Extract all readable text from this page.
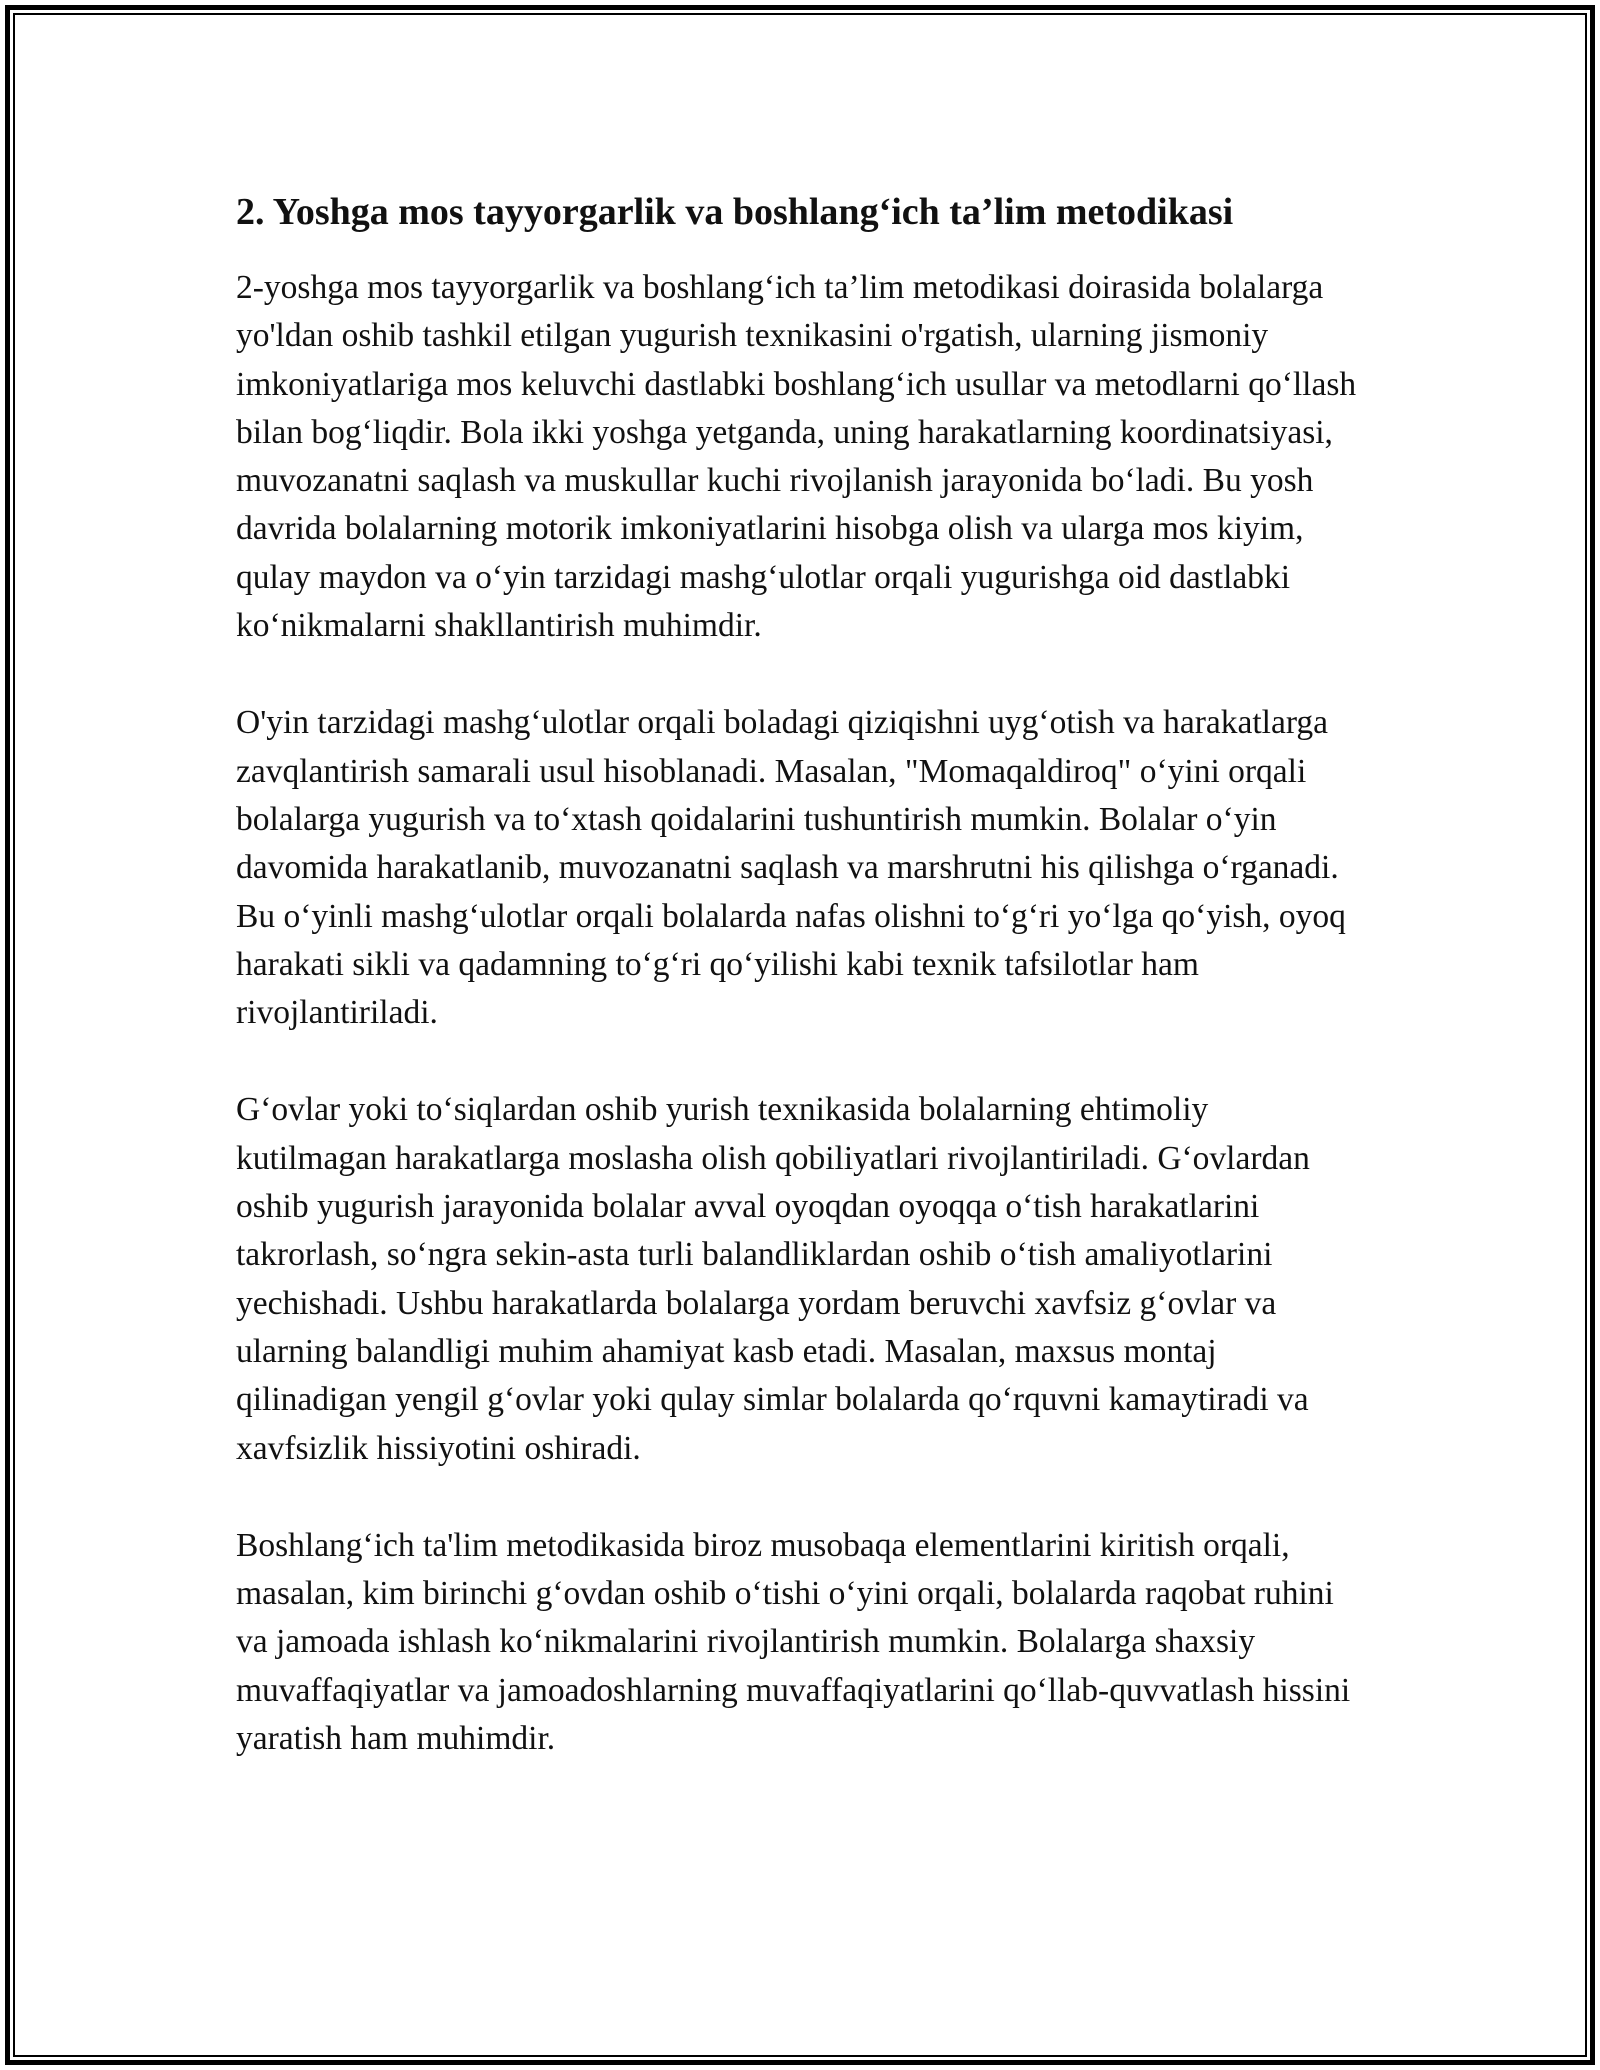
2. Yoshga mos tayyorgarlik va boshlang‘ich ta’lim metodikasi

2-yoshga mos tayyorgarlik va boshlang‘ich ta’lim metodikasi doirasida bolalarga yo'ldan oshib tashkil etilgan yugurish texnikasini o'rgatish, ularning jismoniy imkoniyatlariga mos keluvchi dastlabki boshlang‘ich usullar va metodlarni qo‘llash bilan bog‘liqdir. Bola ikki yoshga yetganda, uning harakatlarning koordinatsiyasi, muvozanatni saqlash va muskullar kuchi rivojlanish jarayonida bo‘ladi. Bu yosh davrida bolalarning motorik imkoniyatlarini hisobga olish va ularga mos kiyim, qulay maydon va o‘yin tarzidagi mashg‘ulotlar orqali yugurishga oid dastlabki ko‘nikmalarni shakllantirish muhimdir.

O'yin tarzidagi mashg‘ulotlar orqali boladagi qiziqishni uyg‘otish va harakatlarga zavqlantirish samarali usul hisoblanadi. Masalan, "Momaqaldiroq" o‘yini orqali bolalarga yugurish va to‘xtash qoidalarini tushuntirish mumkin. Bolalar o‘yin davomida harakatlanib, muvozanatni saqlash va marshrutni his qilishga o‘rganadi. Bu o‘yinli mashg‘ulotlar orqali bolalarda nafas olishni to‘g‘ri yo‘lga qo‘yish, oyoq harakati sikli va qadamning to‘g‘ri qo‘yilishi kabi texnik tafsilotlar ham rivojlantiriladi.

G‘ovlar yoki to‘siqlardan oshib yurish texnikasida bolalarning ehtimoliy kutilmagan harakatlarga moslasha olish qobiliyatlari rivojlantiriladi. G‘ovlardan oshib yugurish jarayonida bolalar avval oyoqdan oyoqqa o‘tish harakatlarini takrorlash, so‘ngra sekin-asta turli balandliklardan oshib o‘tish amaliyotlarini yechishadi. Ushbu harakatlarda bolalarga yordam beruvchi xavfsiz g‘ovlar va ularning balandligi muhim ahamiyat kasb etadi. Masalan, maxsus montaj qilinadigan yengil g‘ovlar yoki qulay simlar bolalarda qo‘rquvni kamaytiradi va xavfsizlik hissiyotini oshiradi.

Boshlang‘ich ta'lim metodikasida biroz musobaqa elementlarini kiritish orqali, masalan, kim birinchi g‘ovdan oshib o‘tishi o‘yini orqali, bolalarda raqobat ruhini va jamoada ishlash ko‘nikmalarini rivojlantirish mumkin. Bolalarga shaxsiy muvaffaqiyatlar va jamoadoshlarning muvaffaqiyatlarini qo‘llab-quvvatlash hissini yaratish ham muhimdir.
